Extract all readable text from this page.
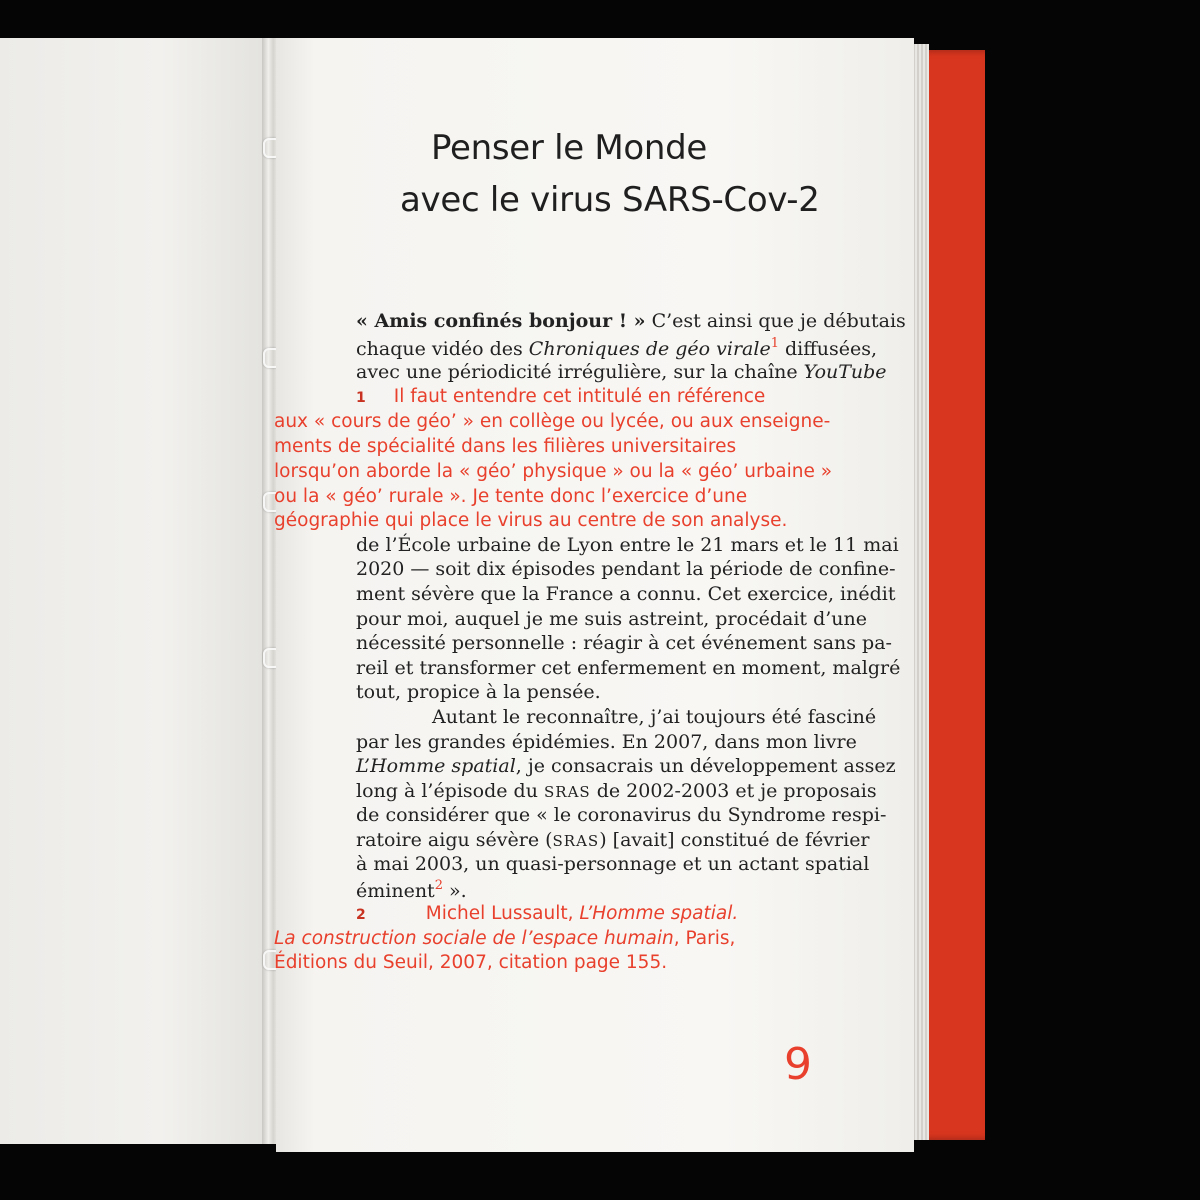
Penser le Monde
avec le virus SARS-Cov-2
« Amis confinés bonjour ! » C’est ainsi que je débutais
chaque vidéo des Chroniques de géo virale$^1$ diffusées,
avec une périodicité irrégulière, sur la chaîne YouTube
1 Il faut entendre cet intitulé en référence
aux « cours de géo’ » en collège ou lycée, ou aux enseigne-
ments de spécialité dans les filières universitaires
lorsqu’on aborde la « géo’ physique » ou la « géo’ urbaine »
ou la « géo’ rurale ». Je tente donc l’exercice d’une
géographie qui place le virus au centre de son analyse.
de l’École urbaine de Lyon entre le 21 mars et le 11 mai
2020 — soit dix épisodes pendant la période de confine-
ment sévère que la France a connu. Cet exercice, inédit
pour moi, auquel je me suis astreint, procédait d’une
nécessité personnelle : réagir à cet événement sans pa-
reil et transformer cet enfermement en moment, malgré
tout, propice à la pensée.
Autant le reconnaître, j’ai toujours été fasciné
par les grandes épidémies. En 2007, dans mon livre
L’Homme spatial, je consacrais un développement assez
long à l’épisode du SRAS de 2002-2003 et je proposais
de considérer que « le coronavirus du Syndrome respi-
ratoire aigu sévère (SRAS) [avait] constitué de février
à mai 2003, un quasi-personnage et un actant spatial
éminent$^2$ ».
2	Michel Lussault, L’Homme spatial.
La construction sociale de l’espace humain, Paris,
Éditions du Seuil, 2007, citation page 155.
9
